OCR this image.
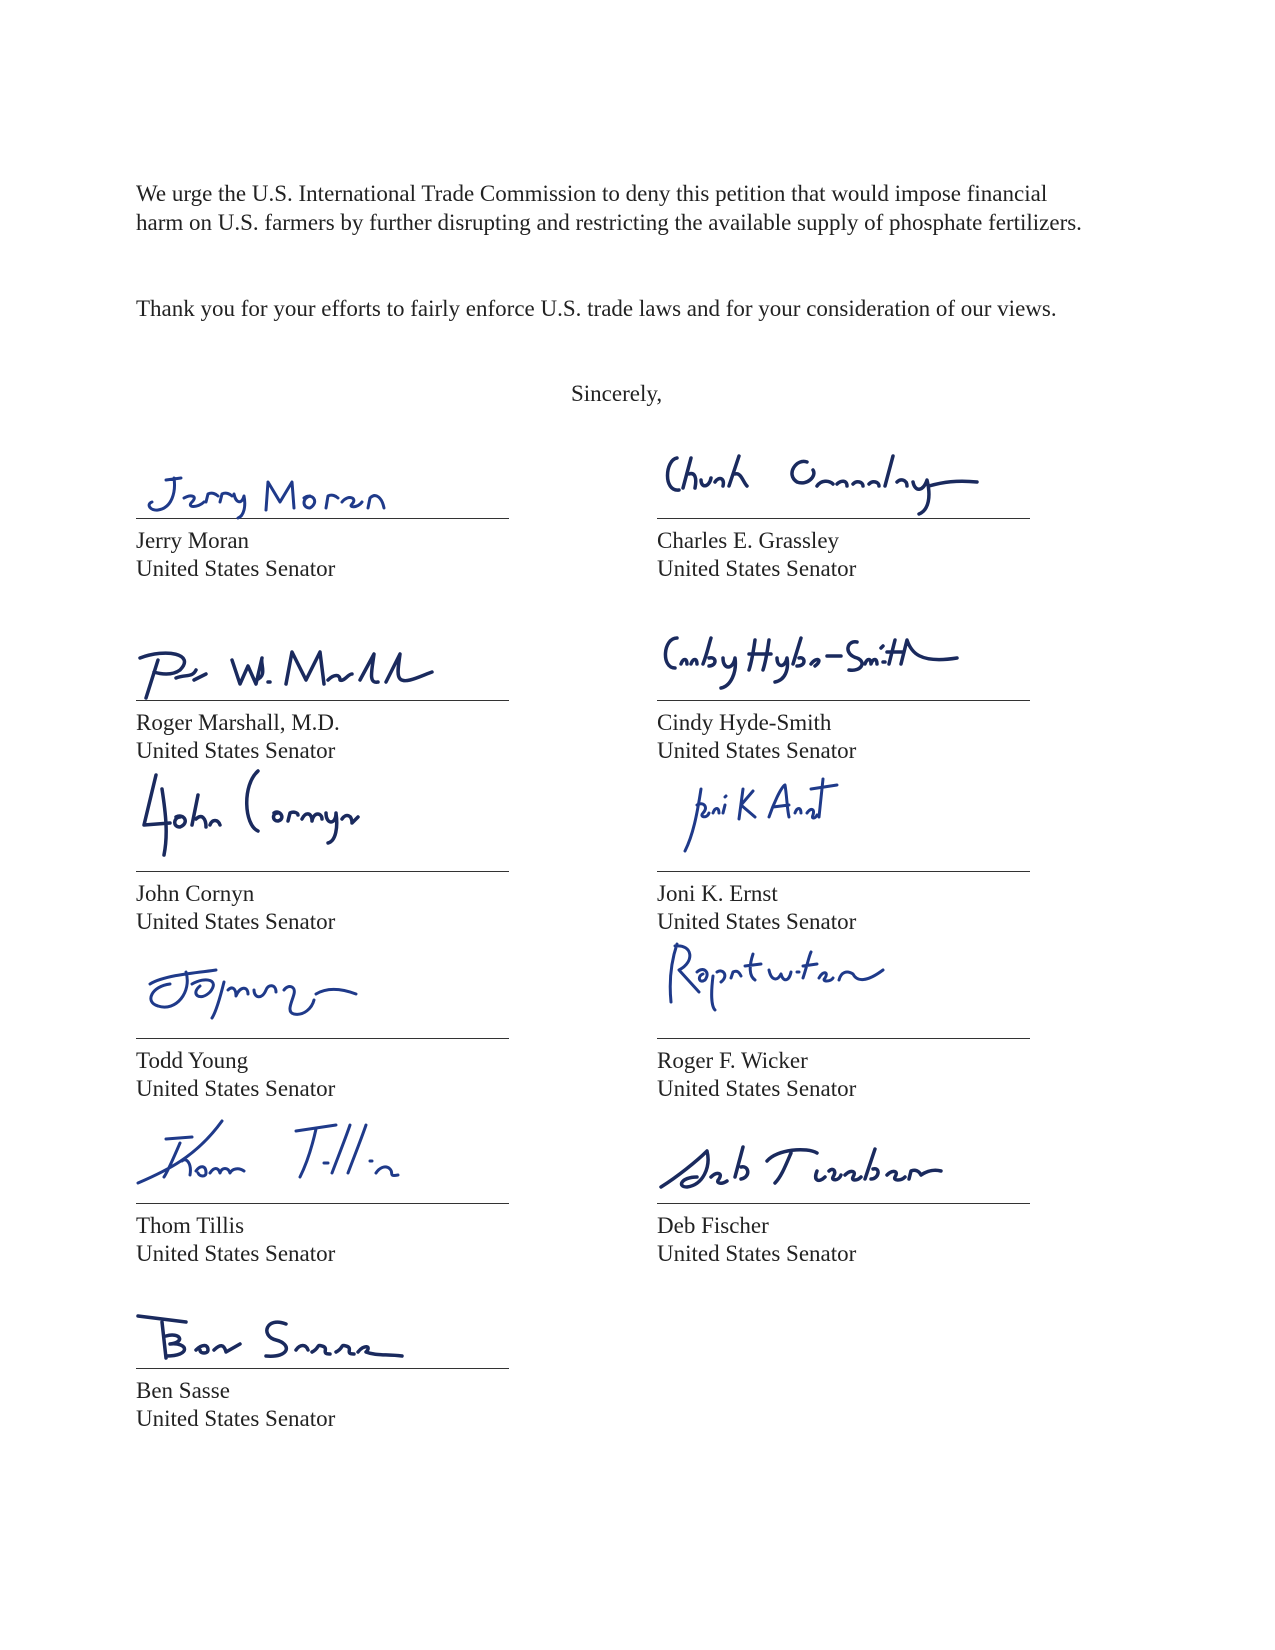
We urge the U.S. International Trade Commission to deny this petition that would impose financial harm on U.S. farmers by further disrupting and restricting the available supply of phosphate fertilizers.

Thank you for your efforts to fairly enforce U.S. trade laws and for your consideration of our views.

Sincerely,
Jerry Moran
United States Senator
Roger Marshall, M.D.
United States Senator
John Cornyn
United States Senator
Todd Young
United States Senator
Thom Tillis
United States Senator
Ben Sasse
United States Senator
Charles E. Grassley
United States Senator
Cindy Hyde-Smith
United States Senator
Joni K. Ernst
United States Senator
Roger F. Wicker
United States Senator
Deb Fischer
United States Senator
